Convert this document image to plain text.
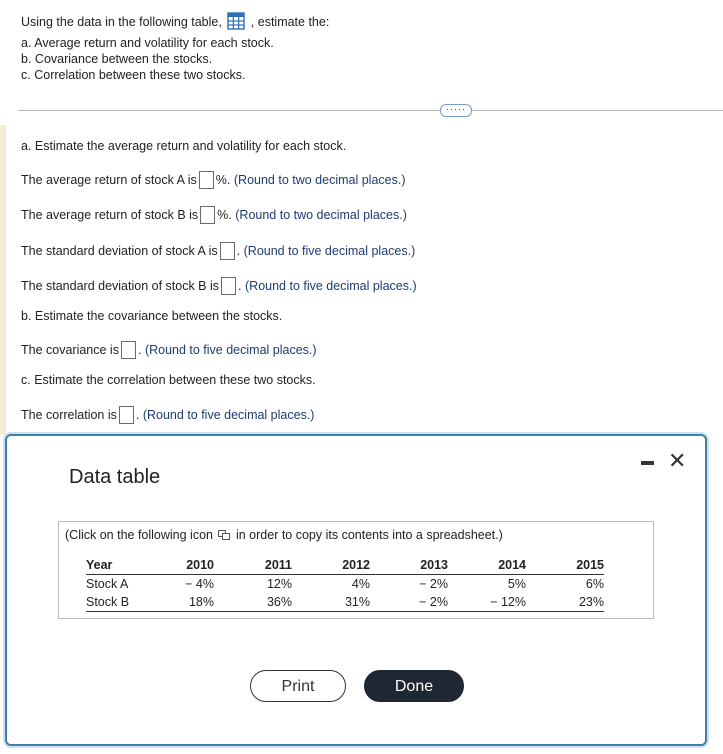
Using the data in the following table, , estimate the:
a. Average return and volatility for each stock.
b. Covariance between the stocks.
c. Correlation between these two stocks.
·····
a. Estimate the average return and volatility for each stock.
The average return of stock A is %. (Round to two decimal places.)
The average return of stock B is %. (Round to two decimal places.)
The standard deviation of stock A is . (Round to five decimal places.)
The standard deviation of stock B is . (Round to five decimal places.)
b. Estimate the covariance between the stocks.
The covariance is . (Round to five decimal places.)
c. Estimate the correlation between these two stocks.
The correlation is . (Round to five decimal places.)
Data table
✕
(Click on the following icon in order to copy its contents into a spreadsheet.)
Year	2010	2011	2012	2013	2014	2015
Stock A	− 4%	12%	4%	− 2%	5%	6%
Stock B	18%	36%	31%	− 2%	− 12%	23%
Print	Done
